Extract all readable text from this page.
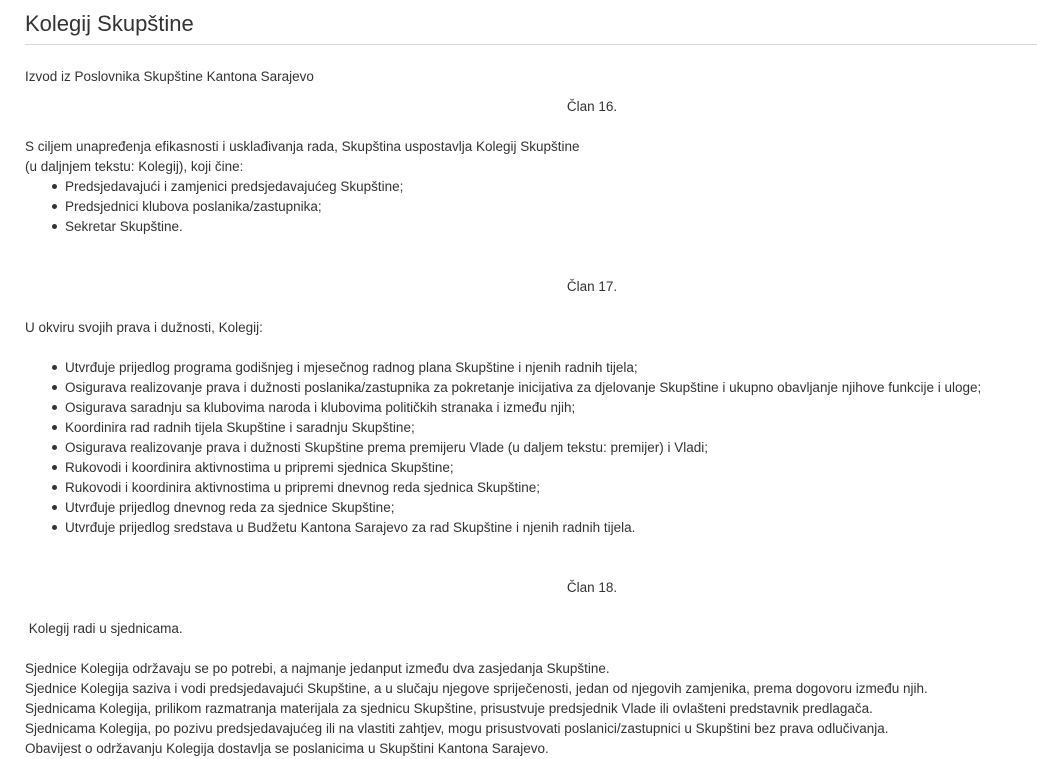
Kolegij Skupštine

Izvod iz Poslovnika Skupštine Kantona Sarajevo

Član 16.

S ciljem unapređenja efikasnosti i usklađivanja rada, Skupština uspostavlja Kolegij Skupštine

(u daljnjem tekstu: Kolegij), koji čine:

Predsjedavajući i zamjenici predsjedavajućeg Skupštine;
Predsjednici klubova poslanika/zastupnika;
Sekretar Skupštine.

Član 17.

U okviru svojih prava i dužnosti, Kolegij:

Utvrđuje prijedlog programa godišnjeg i mjesečnog radnog plana Skupštine i njenih radnih tijela;
Osigurava realizovanje prava i dužnosti poslanika/zastupnika za pokretanje inicijativa za djelovanje Skupštine i ukupno obavljanje njihove funkcije i uloge;
Osigurava saradnju sa klubovima naroda i klubovima političkih stranaka i između njih;
Koordinira rad radnih tijela Skupštine i saradnju Skupštine;
Osigurava realizovanje prava i dužnosti Skupštine prema premijeru Vlade (u daljem tekstu: premijer) i Vladi;
Rukovodi i koordinira aktivnostima u pripremi sjednica Skupštine;
Rukovodi i koordinira aktivnostima u pripremi dnevnog reda sjednica Skupštine;
Utvrđuje prijedlog dnevnog reda za sjednice Skupštine;
Utvrđuje prijedlog sredstava u Budžetu Kantona Sarajevo za rad Skupštine i njenih radnih tijela.

Član 18.

Kolegij radi u sjednicama.

Sjednice Kolegija održavaju se po potrebi, a najmanje jedanput između dva zasjedanja Skupštine.

Sjednice Kolegija saziva i vodi predsjedavajući Skupštine, a u slučaju njegove spriječenosti, jedan od njegovih zamjenika, prema dogovoru između njih.

Sjednicama Kolegija, prilikom razmatranja materijala za sjednicu Skupštine, prisustvuje predsjednik Vlade ili ovlašteni predstavnik predlagača.

Sjednicama Kolegija, po pozivu predsjedavajućeg ili na vlastiti zahtjev, mogu prisustvovati poslanici/zastupnici u Skupštini bez prava odlučivanja.

Obavijest o održavanju Kolegija dostavlja se poslanicima u Skupštini Kantona Sarajevo.
